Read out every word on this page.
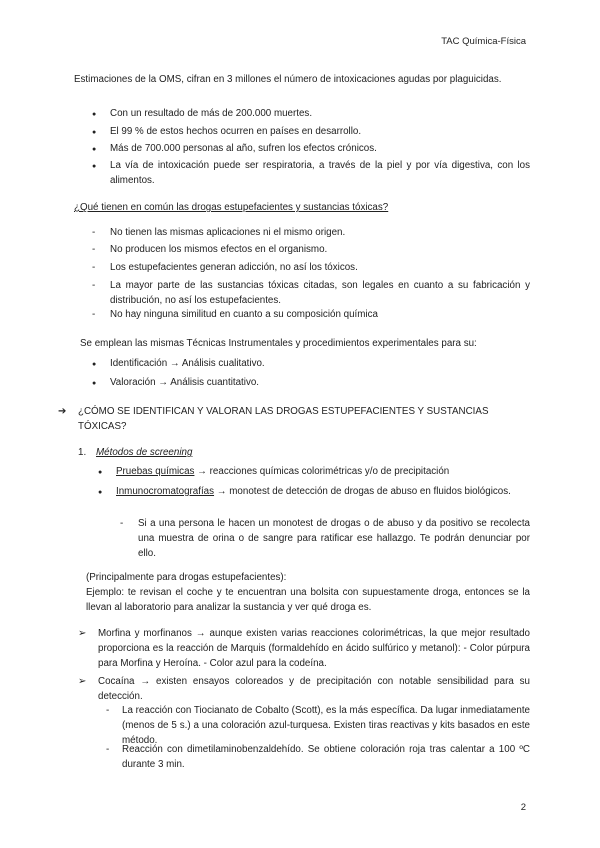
TAC Química-Física
Estimaciones de la OMS, cifran en 3 millones el número de intoxicaciones agudas por plaguicidas.
●
Con un resultado de más de 200.000 muertes.
●
El 99 % de estos hechos ocurren en países en desarrollo.
●
Más de 700.000 personas al año, sufren los efectos crónicos.
●
La vía de intoxicación puede ser respiratoria, a través de la piel y por vía digestiva, con los alimentos.
¿Qué tienen en común las drogas estupefacientes y sustancias tóxicas?
- No tienen las mismas aplicaciones ni el mismo origen.
- No producen los mismos efectos en el organismo.
- Los estupefacientes generan adicción, no así los tóxicos.
- La mayor parte de las sustancias tóxicas citadas, son legales en cuanto a su fabricación y distribución, no así los estupefacientes.
- No hay ninguna similitud en cuanto a su composición química
Se emplean las mismas Técnicas Instrumentales y procedimientos experimentales para su:
●
Identificación → Análisis cualitativo.
●
Valoración → Análisis cuantitativo.
➔ ¿CÓMO SE IDENTIFICAN Y VALORAN LAS DROGAS ESTUPEFACIENTES Y SUSTANCIAS TÓXICAS?
1. Métodos de screening
●
Pruebas químicas → reacciones químicas colorimétricas y/o de precipitación
●
Inmunocromatografías → monotest de detección de drogas de abuso en fluidos biológicos.
- Si a una persona le hacen un monotest de drogas o de abuso y da positivo se recolecta una muestra de orina o de sangre para ratificar ese hallazgo. Te podrán denunciar por ello.
(Principalmente para drogas estupefacientes):
Ejemplo: te revisan el coche y te encuentran una bolsita con supuestamente droga, entonces se la llevan al laboratorio para analizar la sustancia y ver qué droga es.
➢ Morfina y morfinanos → aunque existen varias reacciones colorimétricas, la que mejor resultado proporciona es la reacción de Marquis (formaldehído en ácido sulfúrico y metanol): - Color púrpura para Morfina y Heroína. - Color azul para la codeína.
➢ Cocaína → existen ensayos coloreados y de precipitación con notable sensibilidad para su detección.
- La reacción con Tiocianato de Cobalto (Scott), es la más específica. Da lugar inmediatamente (menos de 5 s.) a una coloración azul-turquesa. Existen tiras reactivas y kits basados en este método.
- Reacción con dimetilaminobenzaldehído. Se obtiene coloración roja tras calentar a 100 ºC durante 3 min.
2
